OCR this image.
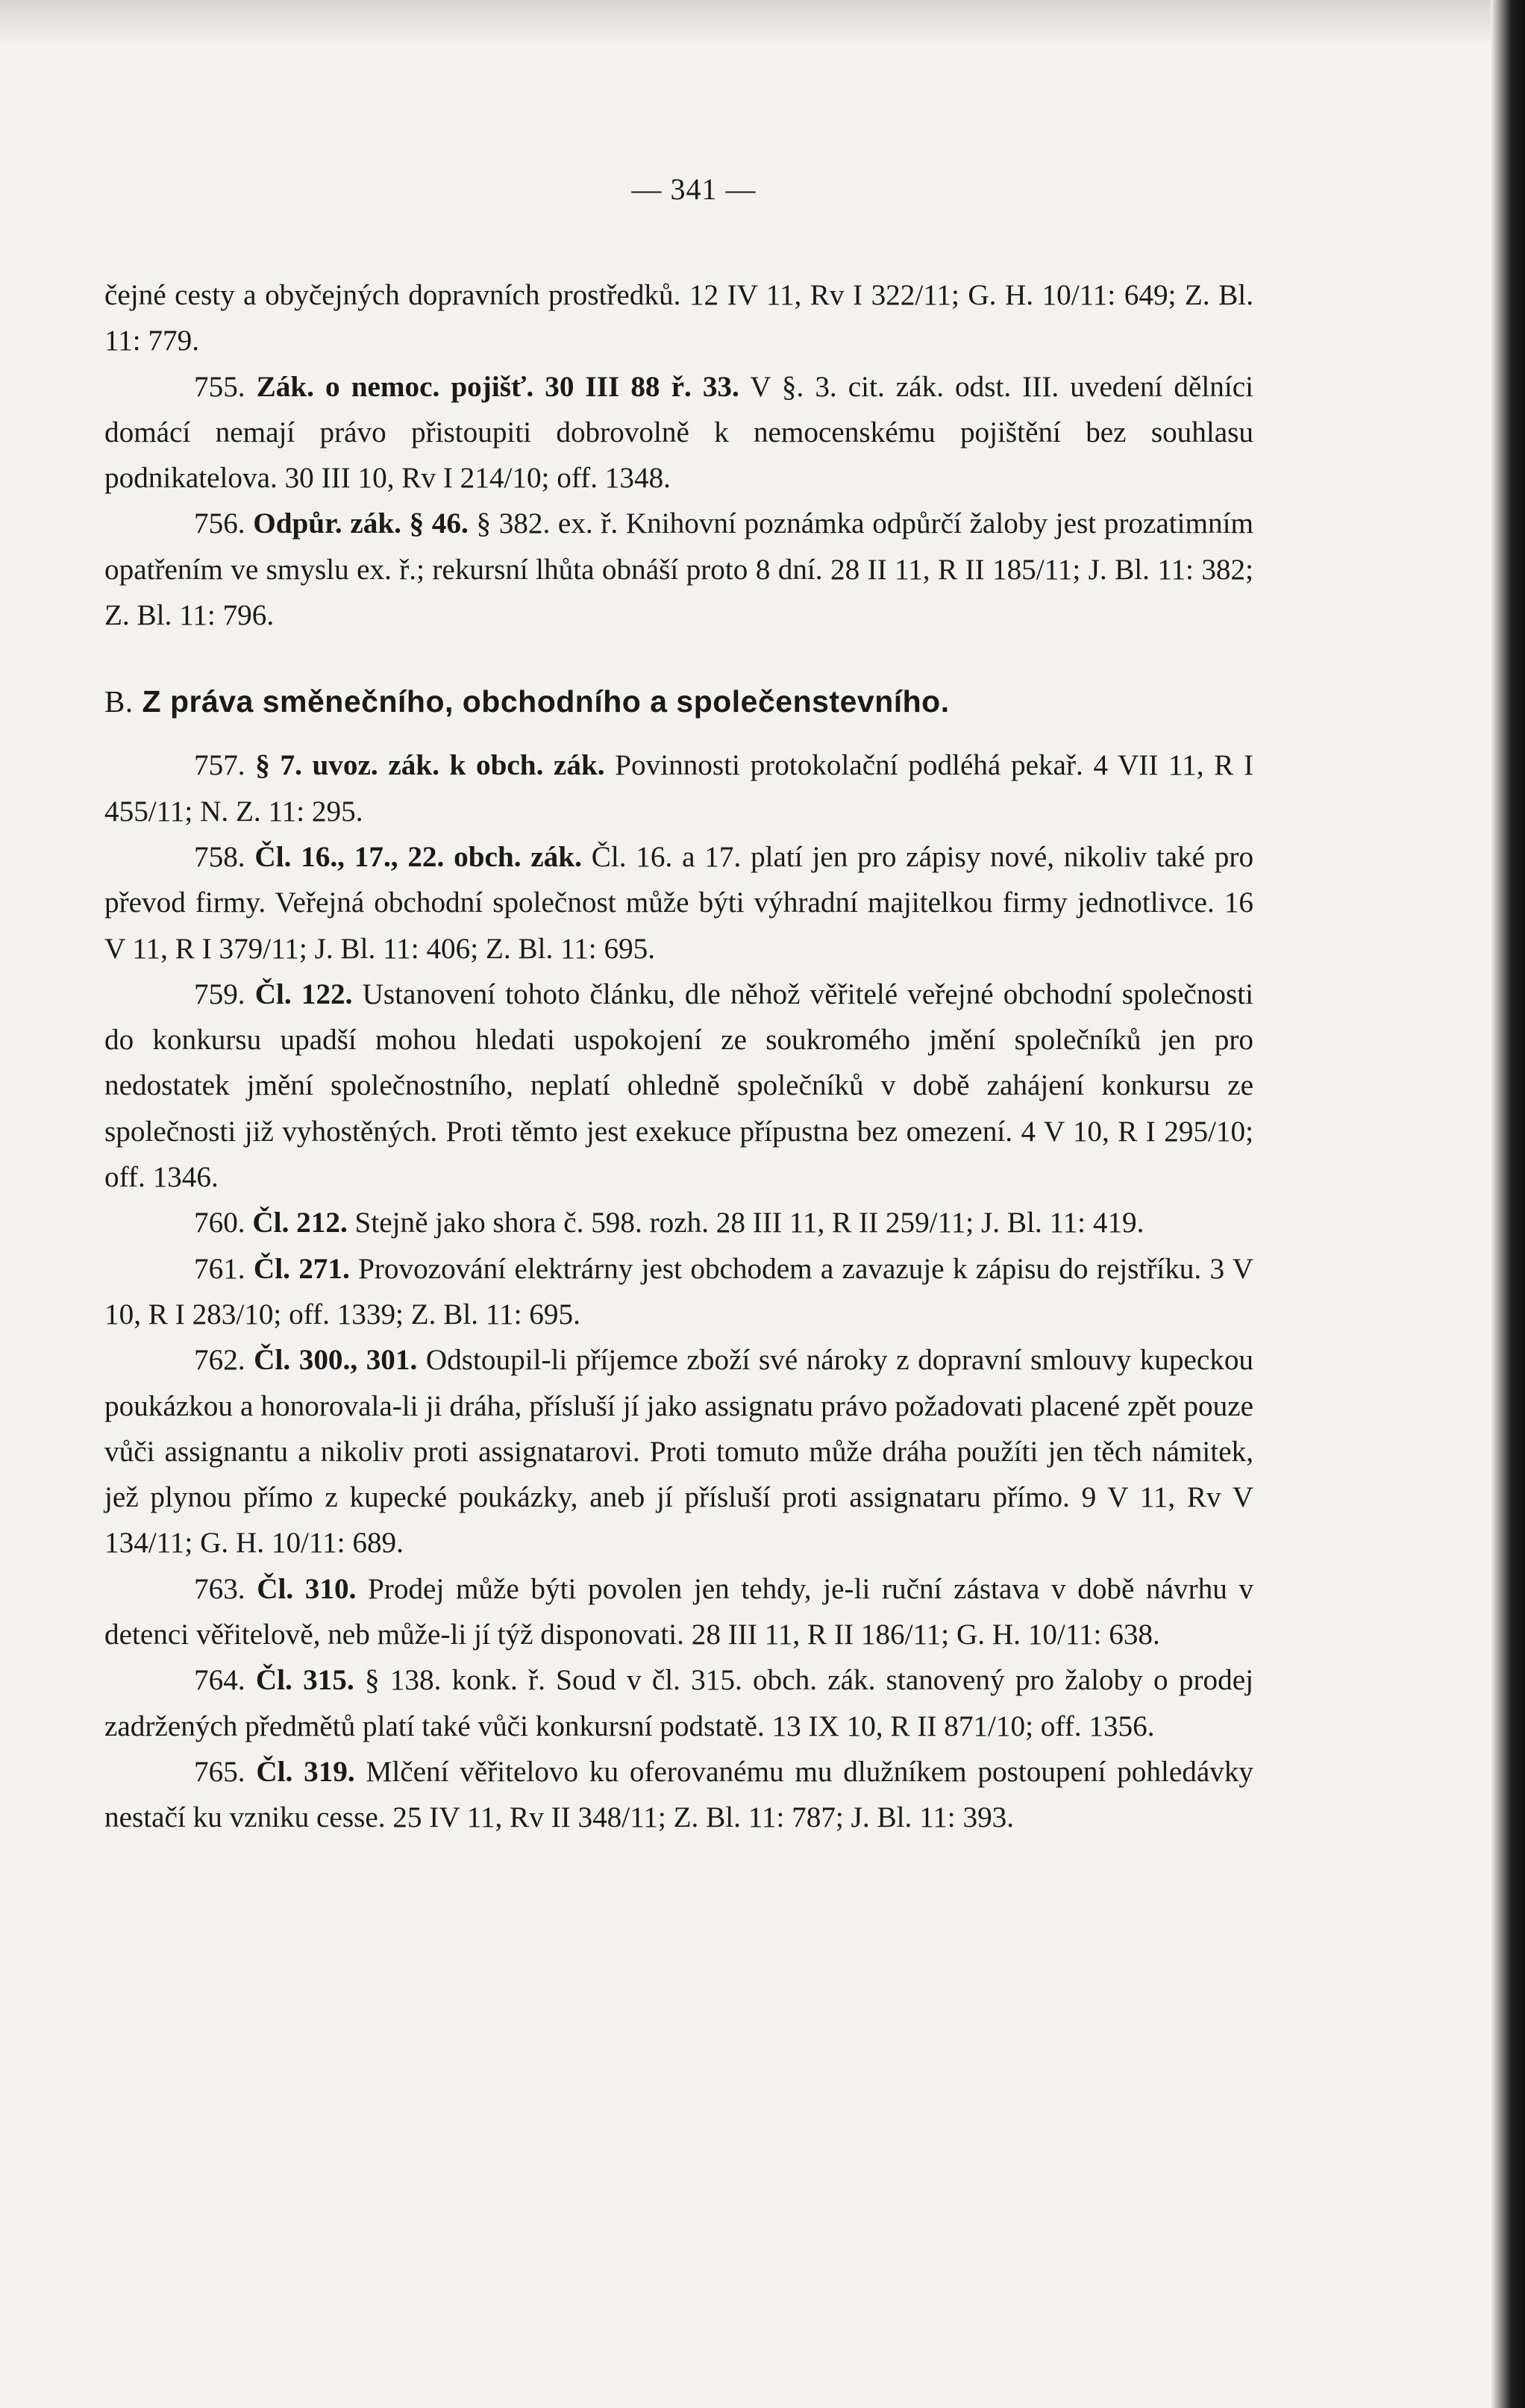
— 341 —

čejné cesty a obyčejných dopravních prostředků. 12 IV 11, Rv I 322/11; G. H. 10/11: 649; Z. Bl. 11: 779.

755. Zák. o nemoc. pojišť. 30 III 88 ř. 33. V §. 3. cit. zák. odst. III. uvedení dělníci domácí nemají právo přistoupiti dobrovolně k nemocenskému pojištění bez souhlasu podnikatelova. 30 III 10, Rv I 214/10; off. 1348.

756. Odpůr. zák. § 46. § 382. ex. ř. Knihovní poznámka odpůrčí žaloby jest prozatimním opatřením ve smyslu ex. ř.; rekursní lhůta obnáší proto 8 dní. 28 II 11, R II 185/11; J. Bl. 11: 382; Z. Bl. 11: 796.

B. Z práva směnečního, obchodního a společenstevního.

757. § 7. uvoz. zák. k obch. zák. Povinnosti protokolační podléhá pekař. 4 VII 11, R I 455/11; N. Z. 11: 295.

758. Čl. 16., 17., 22. obch. zák. Čl. 16. a 17. platí jen pro zápisy nové, nikoliv také pro převod firmy. Veřejná obchodní společnost může býti výhradní majitelkou firmy jednotlivce. 16 V 11, R I 379/11; J. Bl. 11: 406; Z. Bl. 11: 695.

759. Čl. 122. Ustanovení tohoto článku, dle něhož věřitelé veřejné obchodní společnosti do konkursu upadší mohou hledati uspokojení ze soukromého jmění společníků jen pro nedostatek jmění společnostního, neplatí ohledně společníků v době zahájení konkursu ze společnosti již vyhostěných. Proti těmto jest exekuce přípustna bez omezení. 4 V 10, R I 295/10; off. 1346.

760. Čl. 212. Stejně jako shora č. 598. rozh. 28 III 11, R II 259/11; J. Bl. 11: 419.

761. Čl. 271. Provozování elektrárny jest obchodem a zavazuje k zápisu do rejstříku. 3 V 10, R I 283/10; off. 1339; Z. Bl. 11: 695.

762. Čl. 300., 301. Odstoupil-li příjemce zboží své nároky z dopravní smlouvy kupeckou poukázkou a honorovala-li ji dráha, přísluší jí jako assignatu právo požadovati placené zpět pouze vůči assignantu a nikoliv proti assignatarovi. Proti tomuto může dráha použíti jen těch námitek, jež plynou přímo z kupecké poukázky, aneb jí přísluší proti assignataru přímo. 9 V 11, Rv V 134/11; G. H. 10/11: 689.

763. Čl. 310. Prodej může býti povolen jen tehdy, je-li ruční zástava v době návrhu v detenci věřitelově, neb může-li jí týž disponovati. 28 III 11, R II 186/11; G. H. 10/11: 638.

764. Čl. 315. § 138. konk. ř. Soud v čl. 315. obch. zák. stanovený pro žaloby o prodej zadržených předmětů platí také vůči konkursní podstatě. 13 IX 10, R II 871/10; off. 1356.

765. Čl. 319. Mlčení věřitelovo ku oferovanému mu dlužníkem postoupení pohledávky nestačí ku vzniku cesse. 25 IV 11, Rv II 348/11; Z. Bl. 11: 787; J. Bl. 11: 393.
